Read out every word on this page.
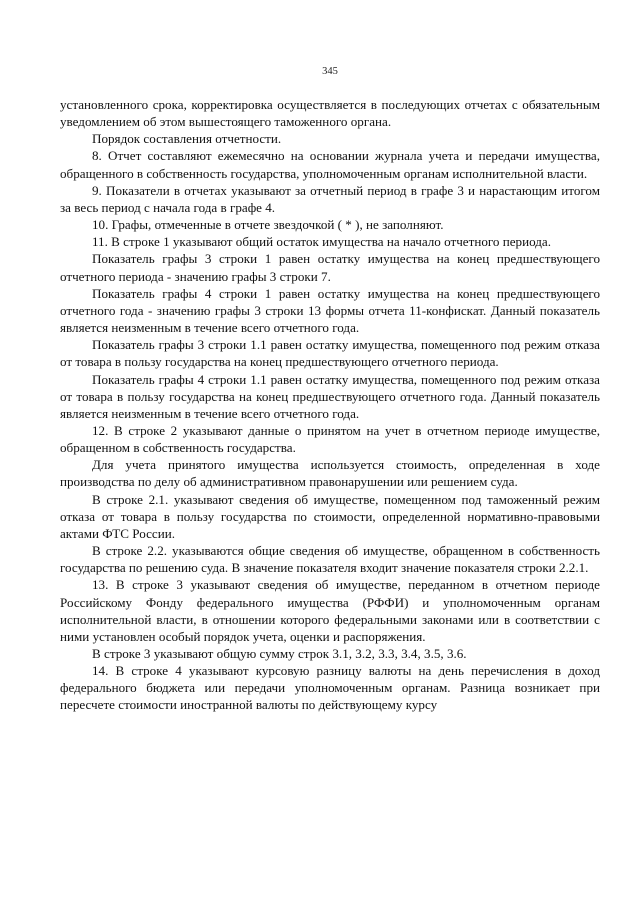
345

установленного срока, корректировка осуществляется в последующих отчетах с обязательным уведомлением об этом вышестоящего таможенного органа.

Порядок составления отчетности.

8. Отчет составляют ежемесячно на основании журнала учета и передачи имущества, обращенного в собственность государства, уполномоченным органам исполнительной власти.

9. Показатели в отчетах указывают за отчетный период в графе 3 и нарастающим итогом за весь период с начала года в графе 4.

10. Графы, отмеченные в отчете звездочкой ( * ), не заполняют.

11. В строке 1 указывают общий остаток имущества на начало отчетного периода.

Показатель графы 3 строки 1 равен остатку имущества на конец предшествующего отчетного периода - значению графы 3 строки 7.

Показатель графы 4 строки 1 равен остатку имущества на конец предшествующего отчетного года - значению графы 3 строки 13 формы отчета 11-конфискат. Данный показатель является неизменным в течение всего отчетного года.

Показатель графы 3 строки 1.1 равен остатку имущества, помещенного под режим отказа от товара в пользу государства на конец предшествующего отчетного периода.

Показатель графы 4 строки 1.1 равен остатку имущества, помещенного под режим отказа от товара в пользу государства на конец предшествующего отчетного года. Данный показатель является неизменным в течение всего отчетного года.

12. В строке 2 указывают данные о принятом на учет в отчетном периоде имуществе, обращенном в собственность государства.

Для учета принятого имущества используется стоимость, определенная в ходе производства по делу об административном правонарушении или решением суда.

В строке 2.1. указывают сведения об имуществе, помещенном под таможенный режим отказа от товара в пользу государства по стоимости, определенной нормативно-правовыми актами ФТС России.

В строке 2.2. указываются общие сведения об имуществе, обращенном в собственность государства по решению суда. В значение показателя входит значение показателя строки 2.2.1.

13. В строке 3 указывают сведения об имуществе, переданном в отчетном периоде Российскому Фонду федерального имущества (РФФИ) и уполномоченным органам исполнительной власти, в отношении которого федеральными законами или в соответствии с ними установлен особый порядок учета, оценки и распоряжения.

В строке 3 указывают общую сумму строк 3.1, 3.2, 3.3, 3.4, 3.5, 3.6.

14. В строке 4 указывают курсовую разницу валюты на день перечисления в доход федерального бюджета или передачи уполномоченным органам. Разница возникает при пересчете стоимости иностранной валюты по действующему курсу
